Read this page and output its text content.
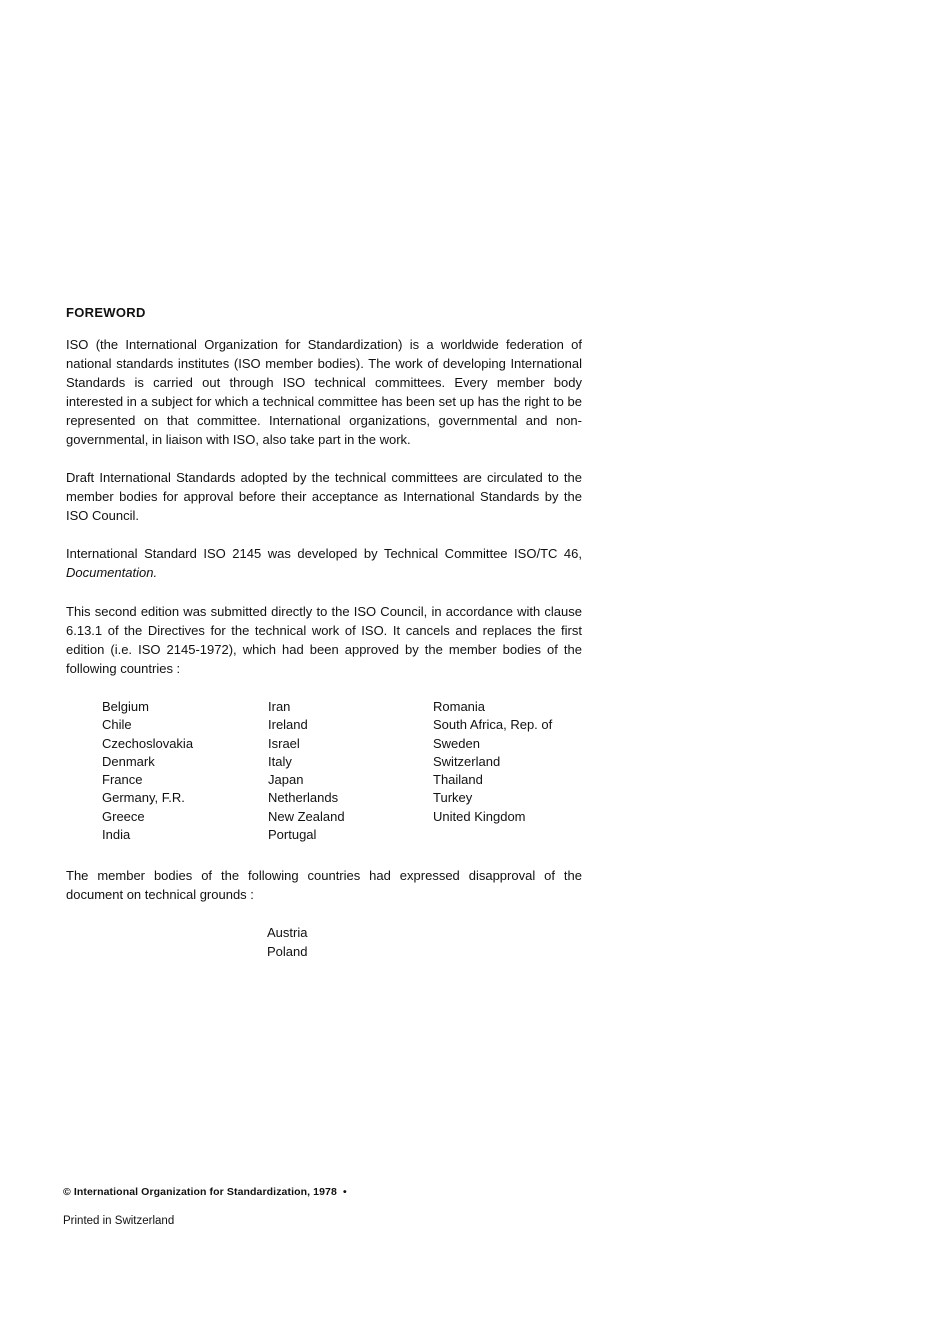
FOREWORD

ISO (the International Organization for Standardization) is a worldwide federation of national standards institutes (ISO member bodies). The work of developing International Standards is carried out through ISO technical committees. Every member body interested in a subject for which a technical committee has been set up has the right to be represented on that committee. International organizations, governmental and non-governmental, in liaison with ISO, also take part in the work.

Draft International Standards adopted by the technical committees are circulated to the member bodies for approval before their acceptance as International Standards by the ISO Council.

International Standard ISO 2145 was developed by Technical Committee ISO/TC 46, Documentation.

This second edition was submitted directly to the ISO Council, in accordance with clause 6.13.1 of the Directives for the technical work of ISO. It cancels and replaces the first edition (i.e. ISO 2145-1972), which had been approved by the member bodies of the following countries :

Belgium
Chile
Czechoslovakia
Denmark
France
Germany, F.R.
Greece
India
Iran
Ireland
Israel
Italy
Japan
Netherlands
New Zealand
Portugal
Romania
South Africa, Rep. of
Sweden
Switzerland
Thailand
Turkey
United Kingdom

The member bodies of the following countries had expressed disapproval of the document on technical grounds :

Austria
Poland
© International Organization for Standardization, 1978 •
Printed in Switzerland
